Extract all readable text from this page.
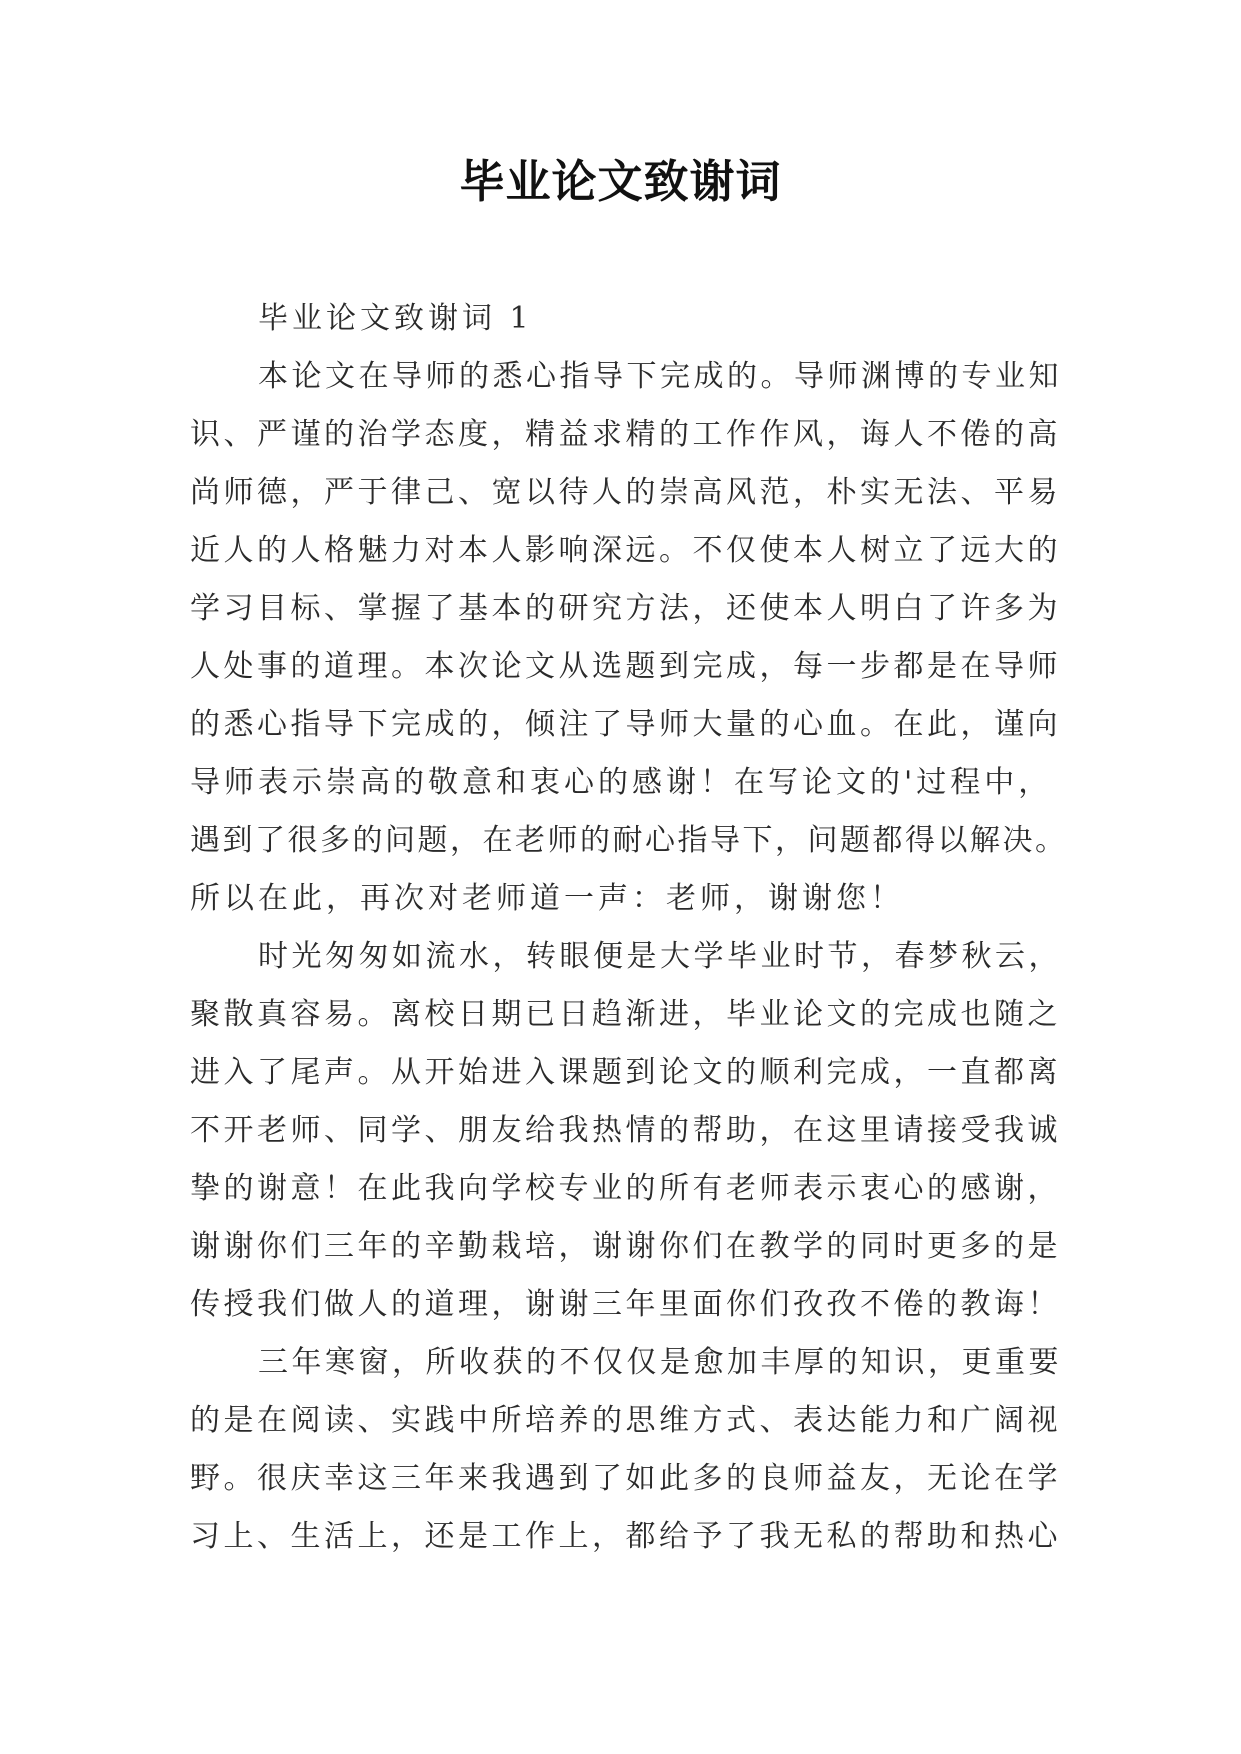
毕业论文致谢词
毕业论文致谢词 1
本论文在导师的悉心指导下完成的。导师渊博的专业知
识、严谨的治学态度，精益求精的工作作风，诲人不倦的高
尚师德，严于律己、宽以待人的崇高风范，朴实无法、平易
近人的人格魅力对本人影响深远。不仅使本人树立了远大的
学习目标、掌握了基本的研究方法，还使本人明白了许多为
人处事的道理。本次论文从选题到完成，每一步都是在导师
的悉心指导下完成的，倾注了导师大量的心血。在此，谨向
导师表示崇高的敬意和衷心的感谢！在写论文的'过程中，
遇到了很多的问题，在老师的耐心指导下，问题都得以解决。
所以在此，再次对老师道一声：老师，谢谢您！
时光匆匆如流水，转眼便是大学毕业时节，春梦秋云，
聚散真容易。离校日期已日趋渐进，毕业论文的完成也随之
进入了尾声。从开始进入课题到论文的顺利完成，一直都离
不开老师、同学、朋友给我热情的帮助，在这里请接受我诚
挚的谢意！在此我向学校专业的所有老师表示衷心的感谢，
谢谢你们三年的辛勤栽培，谢谢你们在教学的同时更多的是
传授我们做人的道理，谢谢三年里面你们孜孜不倦的教诲！
三年寒窗，所收获的不仅仅是愈加丰厚的知识，更重要
的是在阅读、实践中所培养的思维方式、表达能力和广阔视
野。很庆幸这三年来我遇到了如此多的良师益友，无论在学
习上、生活上，还是工作上，都给予了我无私的帮助和热心
